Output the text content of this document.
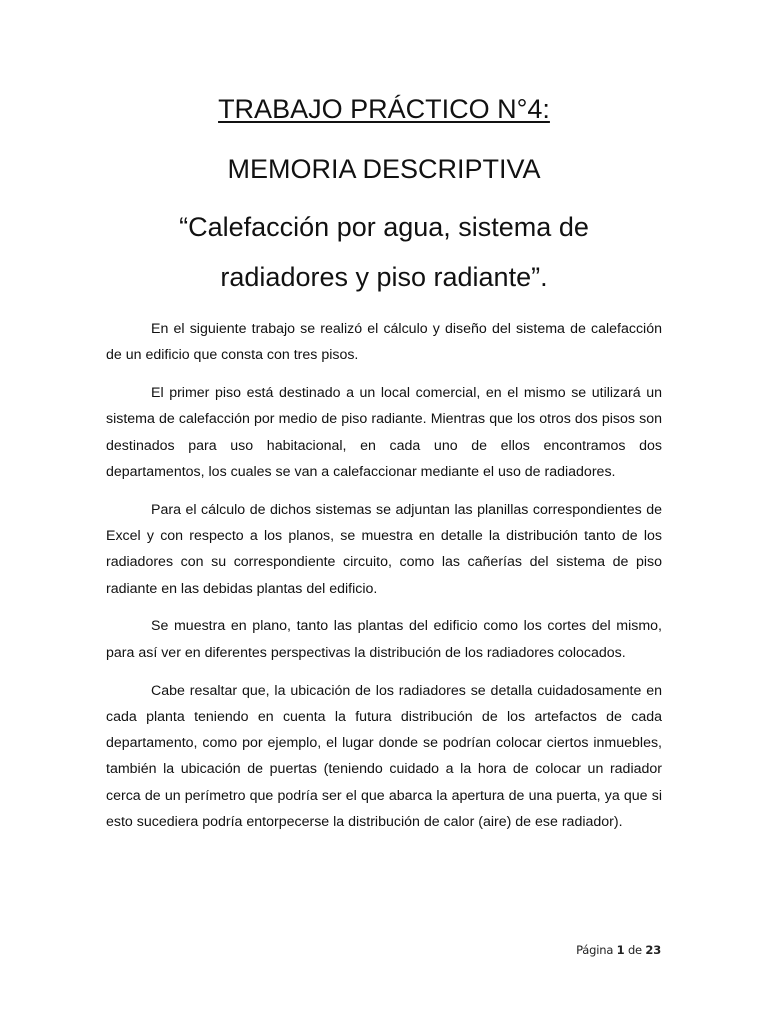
TRABAJO PRÁCTICO N°4:
MEMORIA DESCRIPTIVA
“Calefacción por agua, sistema de
radiadores y piso radiante”.

En el siguiente trabajo se realizó el cálculo y diseño del sistema de calefacción de un edificio que consta con tres pisos.

El primer piso está destinado a un local comercial, en el mismo se utilizará un sistema de calefacción por medio de piso radiante. Mientras que los otros dos pisos son destinados para uso habitacional, en cada uno de ellos encontramos dos departamentos, los cuales se van a calefaccionar mediante el uso de radiadores.

Para el cálculo de dichos sistemas se adjuntan las planillas correspondientes de Excel y con respecto a los planos, se muestra en detalle la distribución tanto de los radiadores con su correspondiente circuito, como las cañerías del sistema de piso radiante en las debidas plantas del edificio.

Se muestra en plano, tanto las plantas del edificio como los cortes del mismo, para así ver en diferentes perspectivas la distribución de los radiadores colocados.

Cabe resaltar que, la ubicación de los radiadores se detalla cuidadosamente en cada planta teniendo en cuenta la futura distribución de los artefactos de cada departamento, como por ejemplo, el lugar donde se podrían colocar ciertos inmuebles, también la ubicación de puertas (teniendo cuidado a la hora de colocar un radiador cerca de un perímetro que podría ser el que abarca la apertura de una puerta, ya que si esto sucediera podría entorpecerse la distribución de calor (aire) de ese radiador).

Página 1 de 23
